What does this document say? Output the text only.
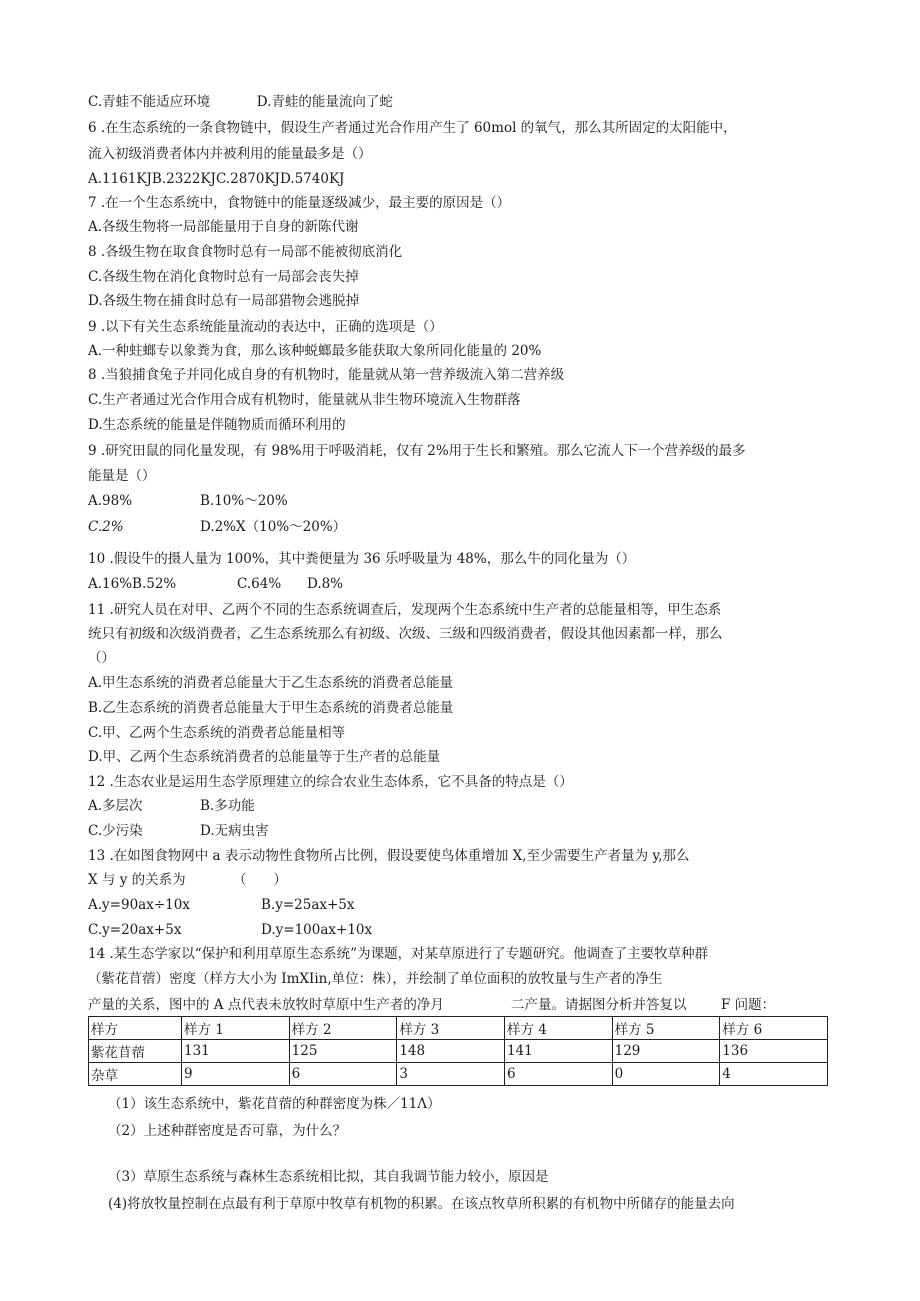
C.青蛙不能适应环境	D.青蛙的能量流向了蛇
6 .在生态系统的一条食物链中，假设生产者通过光合作用产生了 60mol 的氧气，那么其所固定的太阳能中，
流入初级消费者体内并被利用的能量最多是（）
A.1161KJB.2322KJC.2870KJD.5740KJ
7 .在一个生态系统中，食物链中的能量逐级减少，最主要的原因是（）
A.各级生物将一局部能量用于自身的新陈代谢
8 .各级生物在取食食物时总有一局部不能被彻底消化
C.各级生物在消化食物时总有一局部会丧失掉
D.各级生物在捕食时总有一局部猎物会逃脱掉
9 .以下有关生态系统能量流动的表达中，正确的选项是（）
A.一种蛀螂专以象粪为食，那么该种蜕螂最多能获取大象所同化能量的 20%
8 .当狼捕食兔子并同化成自身的有机物时，能量就从第一营养级流入第二营养级
C.生产者通过光合作用合成有机物时，能量就从非生物环境流入生物群落
D.生态系统的能量是伴随物质而循环利用的
9 .研究田鼠的同化量发现，有 98%用于呼吸消耗，仅有 2%用于生长和繁殖。那么它流人下一个营养级的最多
能量是（）
A.98%	B.10%～20%
C.2%	D.2%X（10%～20%）
10 .假设牛的摄人量为 100%，其中粪便量为 36 乐呼吸量为 48%，那么牛的同化量为（）
A.16%B.52%	C.64% D.8%
11 .研究人员在对甲、乙两个不同的生态系统调查后，发现两个生态系统中生产者的总能量相等，甲生态系
统只有初级和次级消费者，乙生态系统那么有初级、次级、三级和四级消费者，假设其他因素都一样，那么
（）
A.甲生态系统的消费者总能量大于乙生态系统的消费者总能量
B.乙生态系统的消费者总能量大于甲生态系统的消费者总能量
C.甲、乙两个生态系统的消费者总能量相等
D.甲、乙两个生态系统消费者的总能量等于生产者的总能量
12 .生态农业是运用生态学原理建立的综合农业生态体系，它不具备的特点是（）
A.多层次	B.多功能
C.少污染	D.无病虫害
13 .在如图食物网中 a 表示动物性食物所占比例，假设要使鸟体重增加 X,至少需要生产者量为 y,那么
X 与 y 的关系为　　　　（　　）
A.y=90ax÷10x	B.y=25ax+5x
C.y=20ax+5x	D.y=100ax+10x
14 .某生态学家以“保护和利用草原生态系统”为课题，对某草原进行了专题研究。他调查了主要牧草种群
（紫花苜蓿）密度（样方大小为 ImXIin,单位：株），并绘制了单位面积的放牧量与生产者的净生
产量的关系，图中的 A 点代表未放牧时草原中生产者的净月	二产量。请据图分析并答复以	F 问题：
样方	样方 1	样方 2	样方 3	样方 4	样方 5	样方 6
紫花苜蓿	131	125	148	141	129	136
杂草	9	6	3	6	0	4
（1）该生态系统中，紫花苜蓿的种群密度为株／11Λ）
（2）上述种群密度是否可靠，为什么？
（3）草原生态系统与森林生态系统相比拟，其自我调节能力较小，原因是
(4)将放牧量控制在点最有利于草原中牧草有机物的积累。在该点牧草所积累的有机物中所储存的能量去向
